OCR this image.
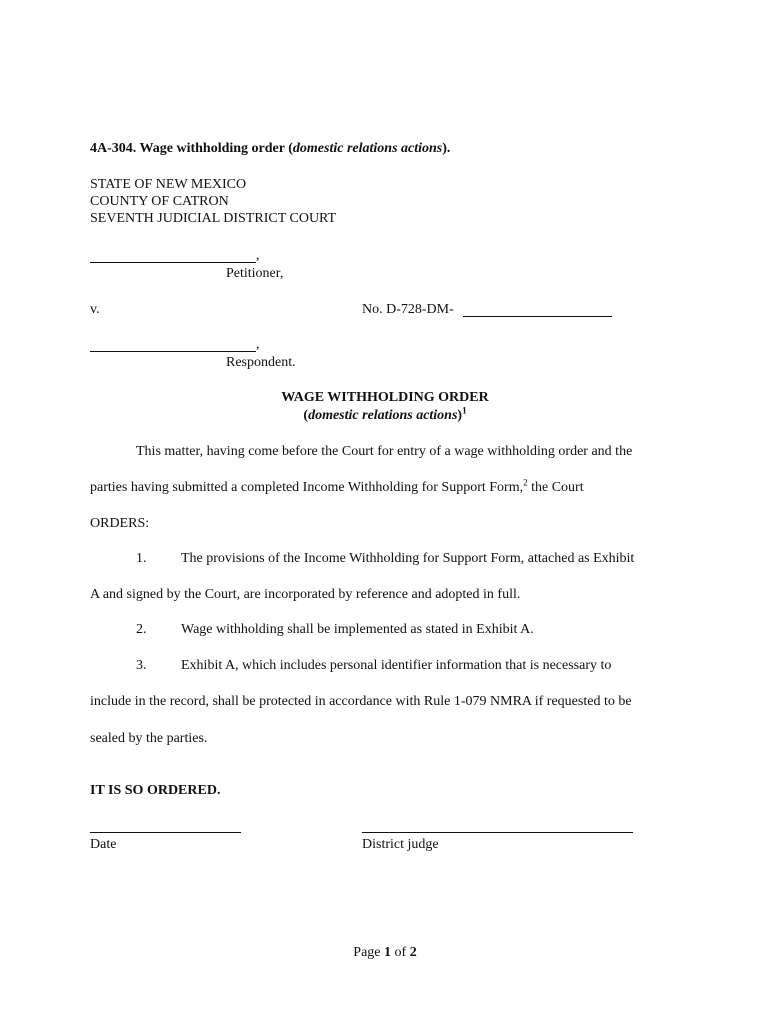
4A-304. Wage withholding order (domestic relations actions).
STATE OF NEW MEXICO
COUNTY OF CATRON
SEVENTH JUDICIAL DISTRICT COURT
,
Petitioner,
v.	No. D-728-DM-
,
Respondent.
WAGE WITHHOLDING ORDER
(domestic relations actions)$^1$
This matter, having come before the Court for entry of a wage withholding order and the
parties having submitted a completed Income Withholding for Support Form,$^2$ the Court
ORDERS:
1. The provisions of the Income Withholding for Support Form, attached as Exhibit
A and signed by the Court, are incorporated by reference and adopted in full.
2. Wage withholding shall be implemented as stated in Exhibit A.
3. Exhibit A, which includes personal identifier information that is necessary to
include in the record, shall be protected in accordance with Rule 1-079 NMRA if requested to be
sealed by the parties.
IT IS SO ORDERED.
Date	District judge
Page 1 of 2
